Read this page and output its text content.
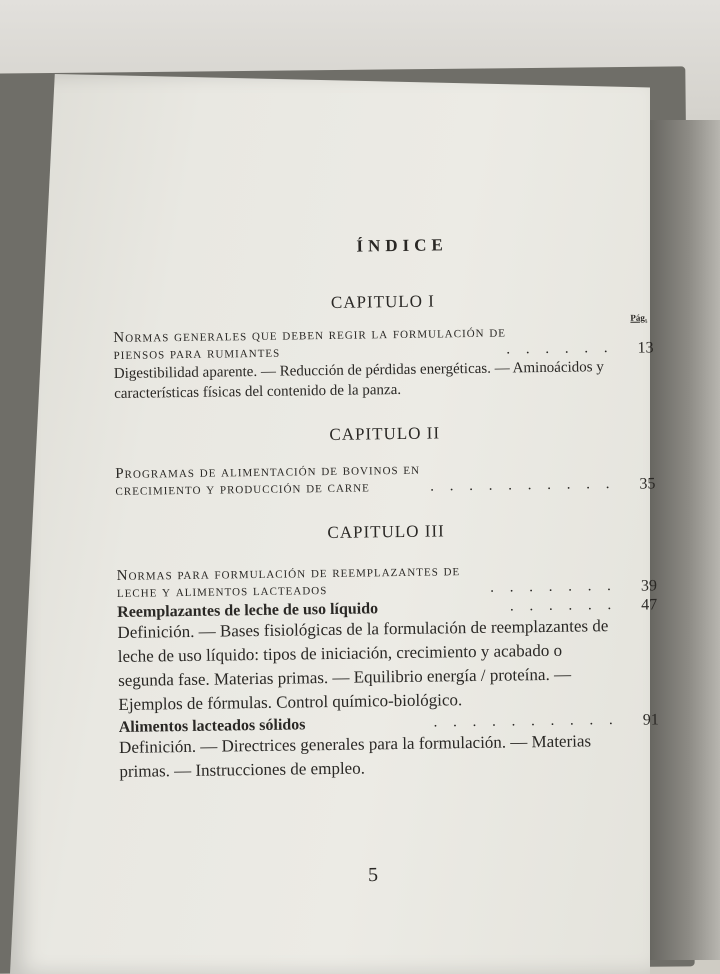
ÍNDICE
CAPITULO I
Pág.
Normas generales que deben regir la formulación de piensos para rumiantes	. . . . . .	13
Digestibilidad aparente. — Reducción de pérdidas energéticas. — Aminoácidos y características físicas del contenido de la panza.
CAPITULO II
Programas de alimentación de bovinos en crecimiento y producción de carne	. . . . . . . . . .	35
CAPITULO III
Normas para formulación de reemplazantes de leche y alimentos lacteados	. . . . . . .	39
Reemplazantes de leche de uso líquido	. . . . . .	47
Definición. — Bases fisiológicas de la formulación de reemplazantes de leche de uso líquido: tipos de iniciación, crecimiento y acabado o segunda fase. Materias primas. — Equilibrio energía / proteína. — Ejemplos de fórmulas. Control químico-biológico.
Alimentos lacteados sólidos	. . . . . . . . . .	91
Definición. — Directrices generales para la formulación. — Materias primas. — Instrucciones de empleo.
5
